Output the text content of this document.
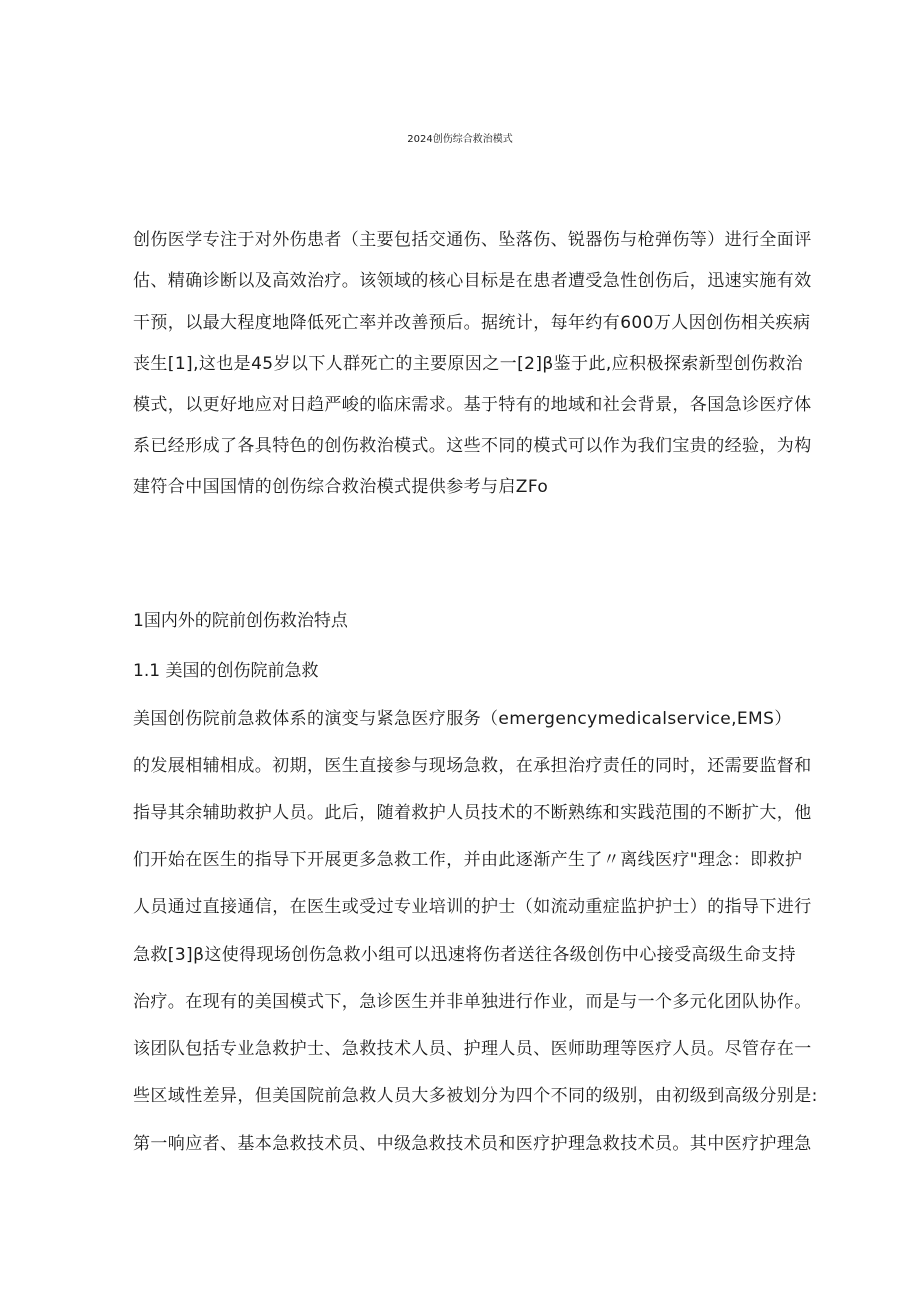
2024创伤综合救治模式
创伤医学专注于对外伤患者（主要包括交通伤、坠落伤、锐器伤与枪弹伤等）进行全面评
估、精确诊断以及高效治疗。该领域的核心目标是在患者遭受急性创伤后，迅速实施有效
干预，以最大程度地降低死亡率并改善预后。据统计，每年约有600万人因创伤相关疾病
丧生[1],这也是45岁以下人群死亡的主要原因之一[2]β鉴于此,应积极探索新型创伤救治
模式，以更好地应对日趋严峻的临床需求。基于特有的地域和社会背景，各国急诊医疗体
系已经形成了各具特色的创伤救治模式。这些不同的模式可以作为我们宝贵的经验，为构
建符合中国国情的创伤综合救治模式提供参考与启ZFo
1国内外的院前创伤救治特点
1.1 美国的创伤院前急救
美国创伤院前急救体系的演变与紧急医疗服务（emergencymedicalservice,EMS）
的发展相辅相成。初期，医生直接参与现场急救，在承担治疗责任的同时，还需要监督和
指导其余辅助救护人员。此后，随着救护人员技术的不断熟练和实践范围的不断扩大，他
们开始在医生的指导下开展更多急救工作，并由此逐渐产生了〃离线医疗"理念：即救护
人员通过直接通信，在医生或受过专业培训的护士（如流动重症监护护士）的指导下进行
急救[3]β这使得现场创伤急救小组可以迅速将伤者送往各级创伤中心接受高级生命支持
治疗。在现有的美国模式下，急诊医生并非单独进行作业，而是与一个多元化团队协作。
该团队包括专业急救护士、急救技术人员、护理人员、医师助理等医疗人员。尽管存在一
些区域性差异，但美国院前急救人员大多被划分为四个不同的级别，由初级到高级分别是:
第一响应者、基本急救技术员、中级急救技术员和医疗护理急救技术员。其中医疗护理急
